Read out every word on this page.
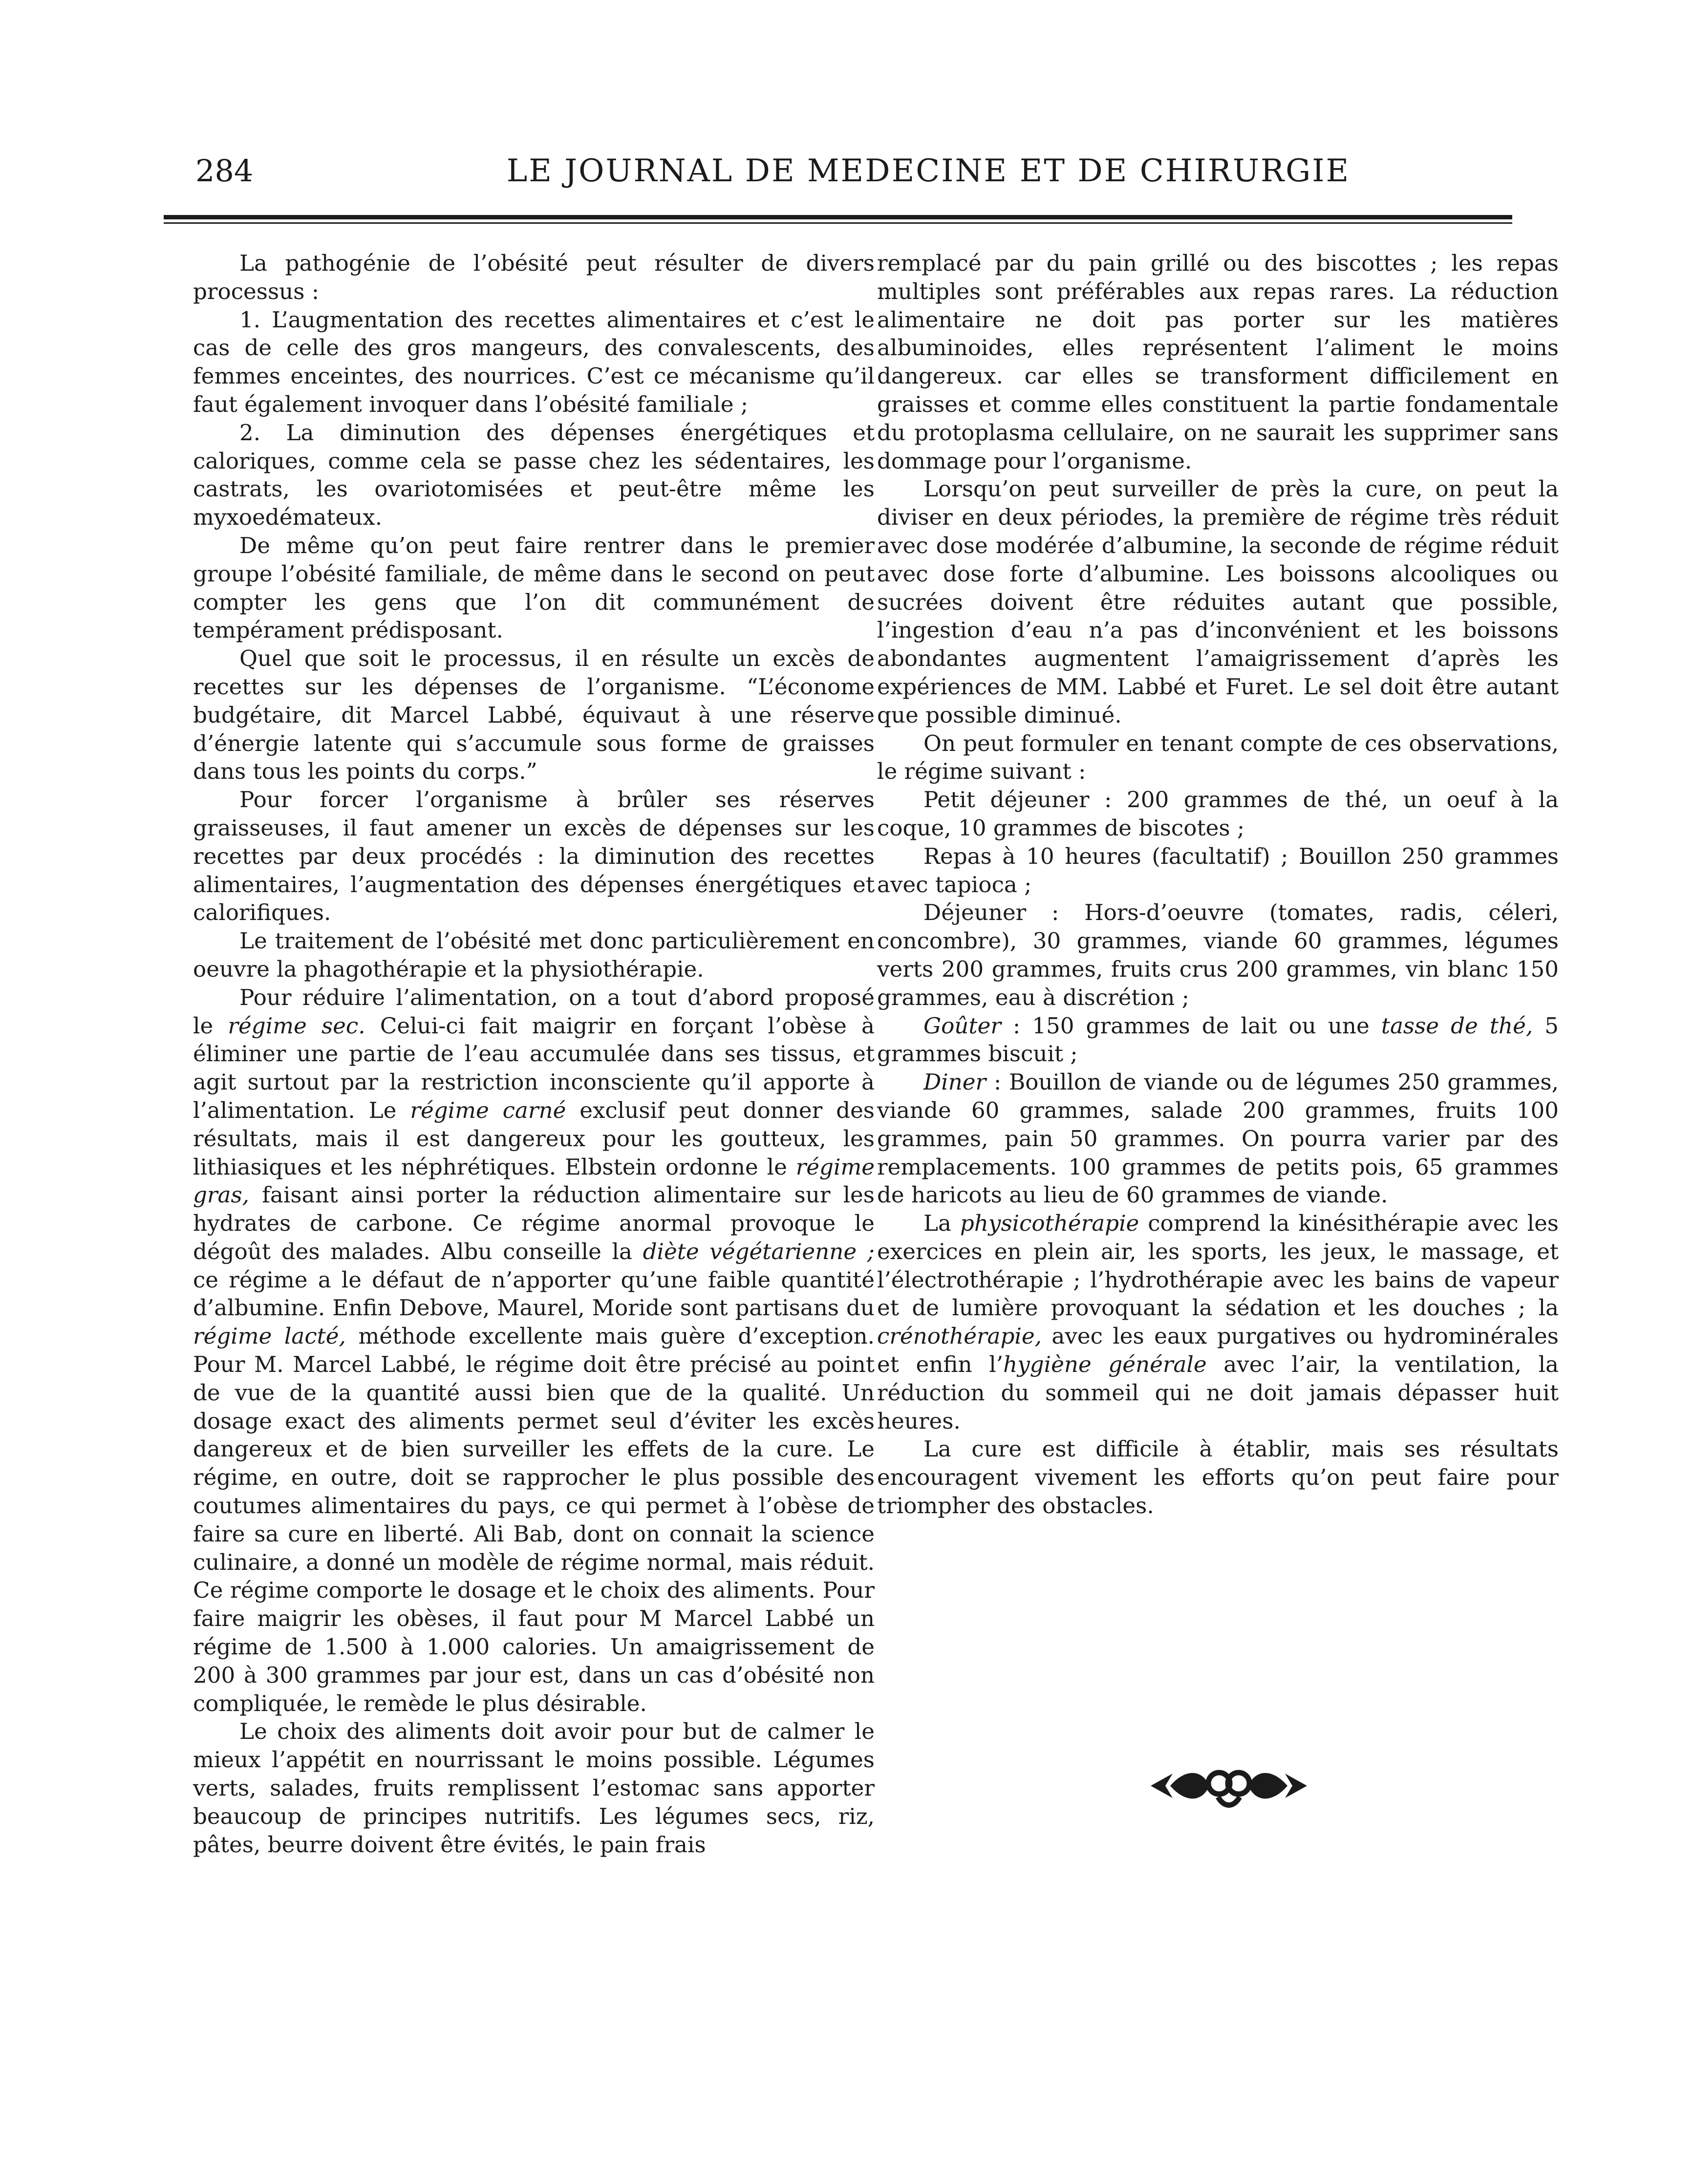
284	LE JOURNAL DE MEDECINE ET DE CHIRURGIE

La pathogénie de l’obésité peut résulter de divers processus :

1. L’augmentation des recettes alimentaires et c’est le cas de celle des gros mangeurs, des convalescents, des femmes enceintes, des nourrices. C’est ce mécanisme qu’il faut également invoquer dans l’obésité familiale ;

2. La diminution des dépenses énergétiques et caloriques, comme cela se passe chez les sédentaires, les castrats, les ovariotomisées et peut-être même les myxoedémateux.

De même qu’on peut faire rentrer dans le premier groupe l’obésité familiale, de même dans le second on peut compter les gens que l’on dit communément de tempérament prédisposant.

Quel que soit le processus, il en résulte un excès de recettes sur les dépenses de l’organisme. “L’économe budgétaire, dit Marcel Labbé, équivaut à une réserve d’énergie latente qui s’accumule sous forme de graisses dans tous les points du corps.”

Pour forcer l’organisme à brûler ses réserves graisseuses, il faut amener un excès de dépenses sur les recettes par deux procédés : la diminution des recettes alimentaires, l’augmentation des dépenses énergétiques et calorifiques.

Le traitement de l’obésité met donc particulièrement en oeuvre la phagothérapie et la physiothérapie.

Pour réduire l’alimentation, on a tout d’abord proposé le régime sec. Celui-ci fait maigrir en forçant l’obèse à éliminer une partie de l’eau accumulée dans ses tissus, et agit surtout par la restriction inconsciente qu’il apporte à l’alimentation. Le régime carné exclusif peut donner des résultats, mais il est dangereux pour les goutteux, les lithiasiques et les néphrétiques. Elbstein ordonne le régime gras, faisant ainsi porter la réduction alimentaire sur les hydrates de carbone. Ce régime anormal provoque le dégoût des malades. Albu conseille la diète végétarienne ; ce régime a le défaut de n’apporter qu’une faible quantité d’albumine. Enfin Debove, Maurel, Moride sont partisans du régime lacté, méthode excellente mais guère d’exception. Pour M. Marcel Labbé, le régime doit être précisé au point de vue de la quantité aussi bien que de la qualité. Un dosage exact des aliments permet seul d’éviter les excès dangereux et de bien surveiller les effets de la cure. Le régime, en outre, doit se rapprocher le plus possible des coutumes alimentaires du pays, ce qui permet à l’obèse de faire sa cure en liberté. Ali Bab, dont on connait la science culinaire, a donné un modèle de régime normal, mais réduit. Ce régime comporte le dosage et le choix des aliments. Pour faire maigrir les obèses, il faut pour M Marcel Labbé un régime de 1.500 à 1.000 calories. Un amaigrissement de 200 à 300 grammes par jour est, dans un cas d’obésité non compliquée, le remède le plus désirable.

Le choix des aliments doit avoir pour but de calmer le mieux l’appétit en nourrissant le moins possible. Légumes verts, salades, fruits remplissent l’estomac sans apporter beaucoup de principes nutritifs. Les légumes secs, riz, pâtes, beurre doivent être évités, le pain frais

remplacé par du pain grillé ou des biscottes ; les repas multiples sont préférables aux repas rares. La réduction alimentaire ne doit pas porter sur les matières albuminoides, elles représentent l’aliment le moins dangereux. car elles se transforment difficilement en graisses et comme elles constituent la partie fondamentale du protoplasma cellulaire, on ne saurait les supprimer sans dommage pour l’organisme.

Lorsqu’on peut surveiller de près la cure, on peut la diviser en deux périodes, la première de régime très réduit avec dose modérée d’albumine, la seconde de régime réduit avec dose forte d’albumine. Les boissons alcooliques ou sucrées doivent être réduites autant que possible, l’ingestion d’eau n’a pas d’inconvénient et les boissons abondantes augmentent l’amaigrissement d’après les expériences de MM. Labbé et Furet. Le sel doit être autant que possible diminué.

On peut formuler en tenant compte de ces observations, le régime suivant :

Petit déjeuner : 200 grammes de thé, un oeuf à la coque, 10 grammes de biscotes ;

Repas à 10 heures (facultatif) ; Bouillon 250 grammes avec tapioca ;

Déjeuner : Hors-d’oeuvre (tomates, radis, céleri, concombre), 30 grammes, viande 60 grammes, légumes verts 200 grammes, fruits crus 200 grammes, vin blanc 150 grammes, eau à discrétion ;

Goûter : 150 grammes de lait ou une tasse de thé, 5 grammes biscuit ;

Diner : Bouillon de viande ou de légumes 250 grammes, viande 60 grammes, salade 200 grammes, fruits 100 grammes, pain 50 grammes. On pourra varier par des remplacements. 100 grammes de petits pois, 65 grammes de haricots au lieu de 60 grammes de viande.

La physicothérapie comprend la kinésithérapie avec les exercices en plein air, les sports, les jeux, le massage, et l’électrothérapie ; l’hydrothérapie avec les bains de vapeur et de lumière provoquant la sédation et les douches ; la crénothérapie, avec les eaux purgatives ou hydrominérales et enfin l’hygiène générale avec l’air, la ventilation, la réduction du sommeil qui ne doit jamais dépasser huit heures.

La cure est difficile à établir, mais ses résultats encouragent vivement les efforts qu’on peut faire pour triompher des obstacles.
